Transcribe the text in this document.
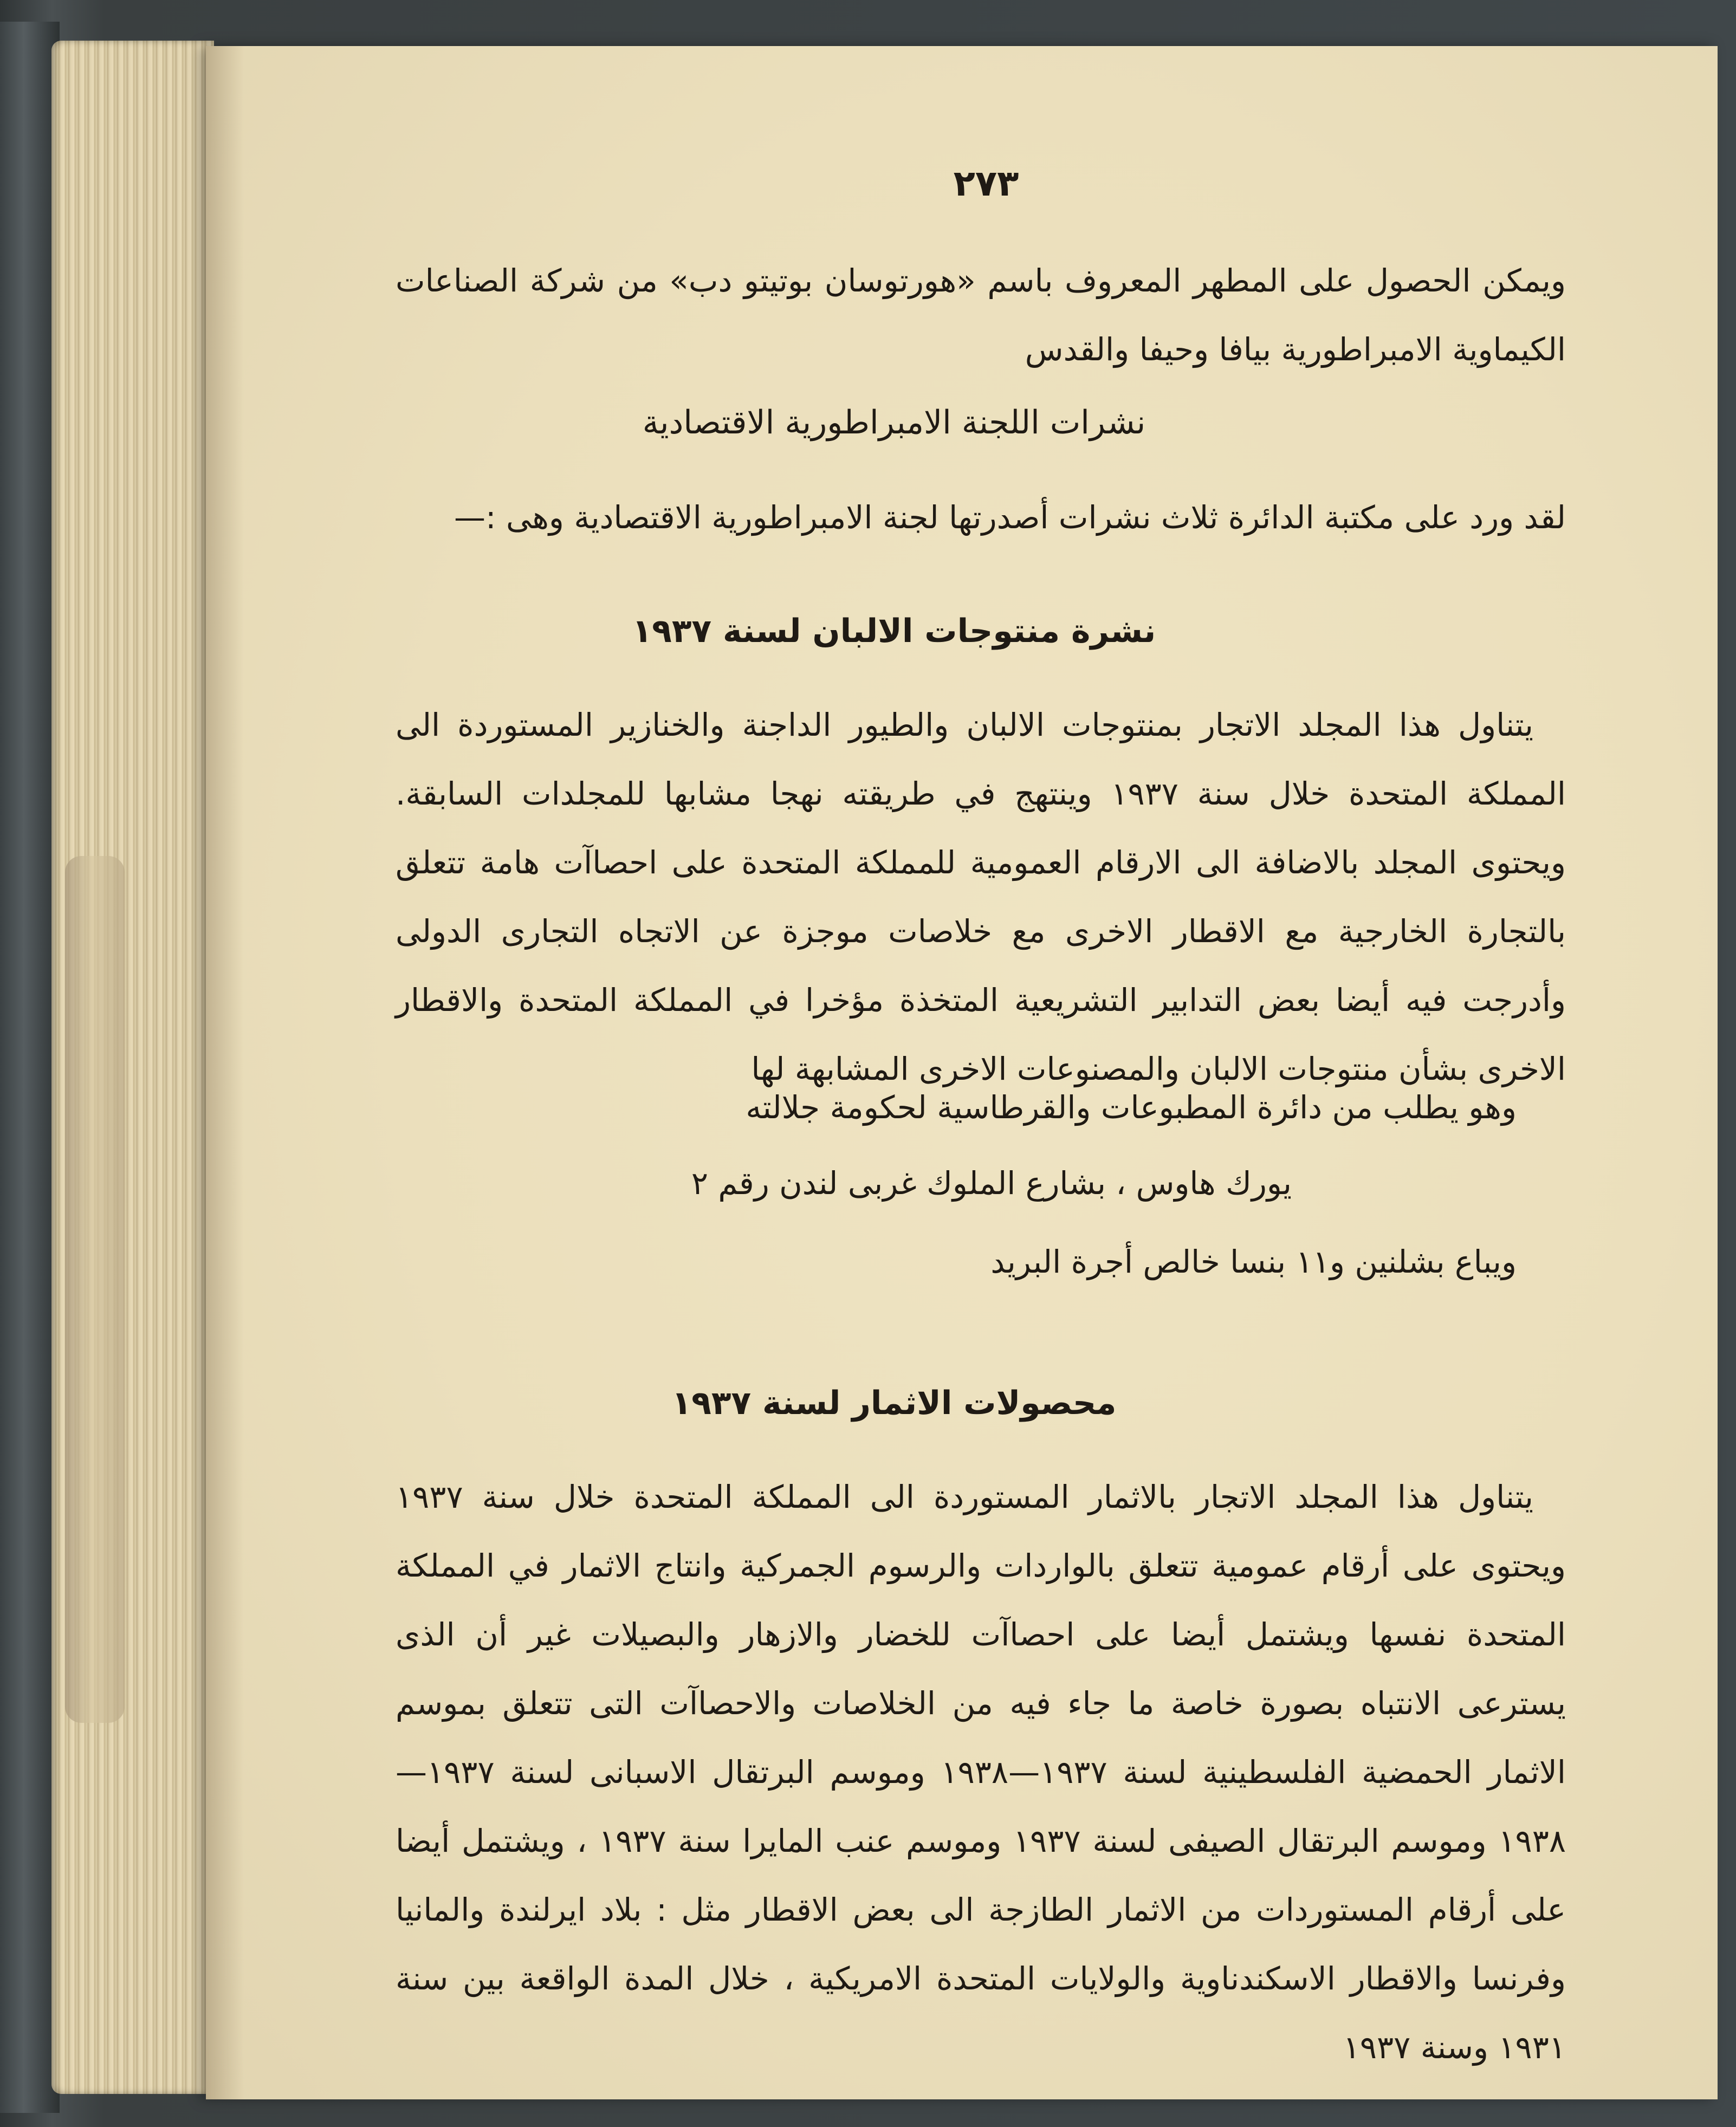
٢٧٣
ويمكن الحصول على المطهر المعروف باسم «هورتوسان بوتيتو دب» من شركة الصناعات الكيماوية الامبراطورية بيافا وحيفا والقدس
نشرات اللجنة الامبراطورية الاقتصادية
لقد ورد على مكتبة الدائرة ثلاث نشرات أصدرتها لجنة الامبراطورية الاقتصادية وهى :—
نشرة منتوجات الالبان لسنة ١٩٣٧
يتناول هذا المجلد الاتجار بمنتوجات الالبان والطيور الداجنة والخنازير المستوردة الى المملكة المتحدة خلال سنة ١٩٣٧ وينتهج في طريقته نهجا مشابها للمجلدات السابقة. ويحتوى المجلد بالاضافة الى الارقام العمومية للمملكة المتحدة على احصاآت هامة تتعلق بالتجارة الخارجية مع الاقطار الاخرى مع خلاصات موجزة عن الاتجاه التجارى الدولى وأدرجت فيه أيضا بعض التدابير التشريعية المتخذة مؤخرا في المملكة المتحدة والاقطار الاخرى بشأن منتوجات الالبان والمصنوعات الاخرى المشابهة لها
وهو يطلب من دائرة المطبوعات والقرطاسية لحكومة جلالته
يورك هاوس ، بشارع الملوك غربى لندن رقم ٢
ويباع بشلنين و١١ بنسا خالص أجرة البريد
محصولات الاثمار لسنة ١٩٣٧
يتناول هذا المجلد الاتجار بالاثمار المستوردة الى المملكة المتحدة خلال سنة ١٩٣٧ ويحتوى على أرقام عمومية تتعلق بالواردات والرسوم الجمركية وانتاج الاثمار في المملكة المتحدة نفسها ويشتمل أيضا على احصاآت للخضار والازهار والبصيلات غير أن الذى يسترعى الانتباه بصورة خاصة ما جاء فيه من الخلاصات والاحصاآت التى تتعلق بموسم الاثمار الحمضية الفلسطينية لسنة ١٩٣٧—١٩٣٨ وموسم البرتقال الاسبانى لسنة ١٩٣٧—١٩٣٨ وموسم البرتقال الصيفى لسنة ١٩٣٧ وموسم عنب المايرا سنة ١٩٣٧ ، ويشتمل أيضا على أرقام المستوردات من الاثمار الطازجة الى بعض الاقطار مثل : بلاد ايرلندة والمانيا وفرنسا والاقطار الاسكندناوية والولايات المتحدة الامريكية ، خلال المدة الواقعة بين سنة ١٩٣١ وسنة ١٩٣٧
